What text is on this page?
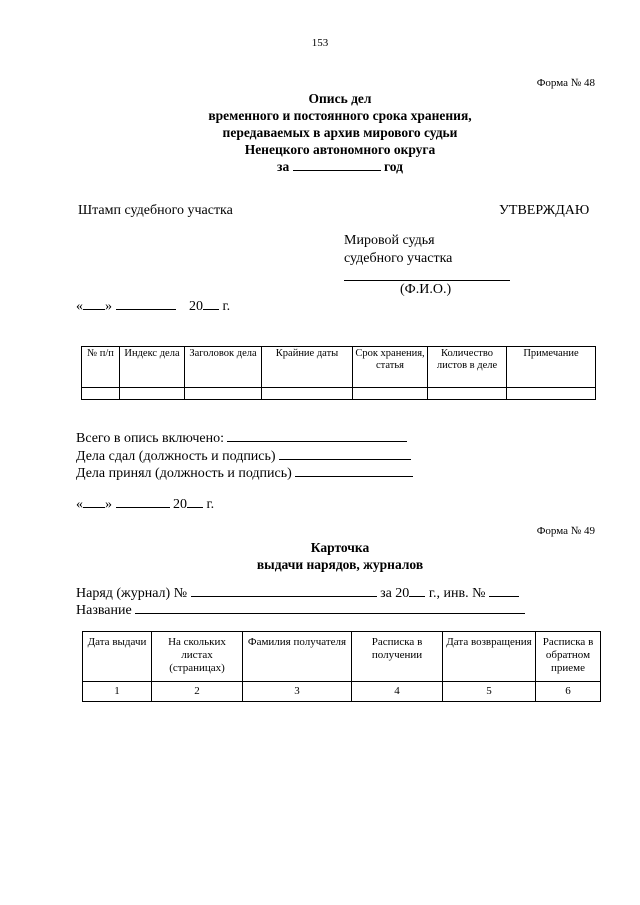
153
Форма № 48
Опись дел
временного и постоянного срока хранения,
передаваемых в архив мирового судьи
Ненецкого автономного округа
за	год
Штамп судебного участка	УТВЕРЖДАЮ
Мировой судья
судебного участка
(Ф.И.О.)
« »	20 г.
№ п/п	Индекс дела	Заголовок дела	Крайние даты	Срок хранения, статья	Количество листов в деле	Примечание

Всего в опись включено:
Дела сдал (должность и подпись)
Дела принял (должность и подпись)
« »	20 г.
Форма № 49
Карточка
выдачи нарядов, журналов
Наряд (журнал) №	за 20 г., инв. №
Название
Дата выдачи	На скольких листах (страницах)	Фамилия получателя	Расписка в получении	Дата возвращения	Расписка в обратном приеме
1	2	3	4	5	6
